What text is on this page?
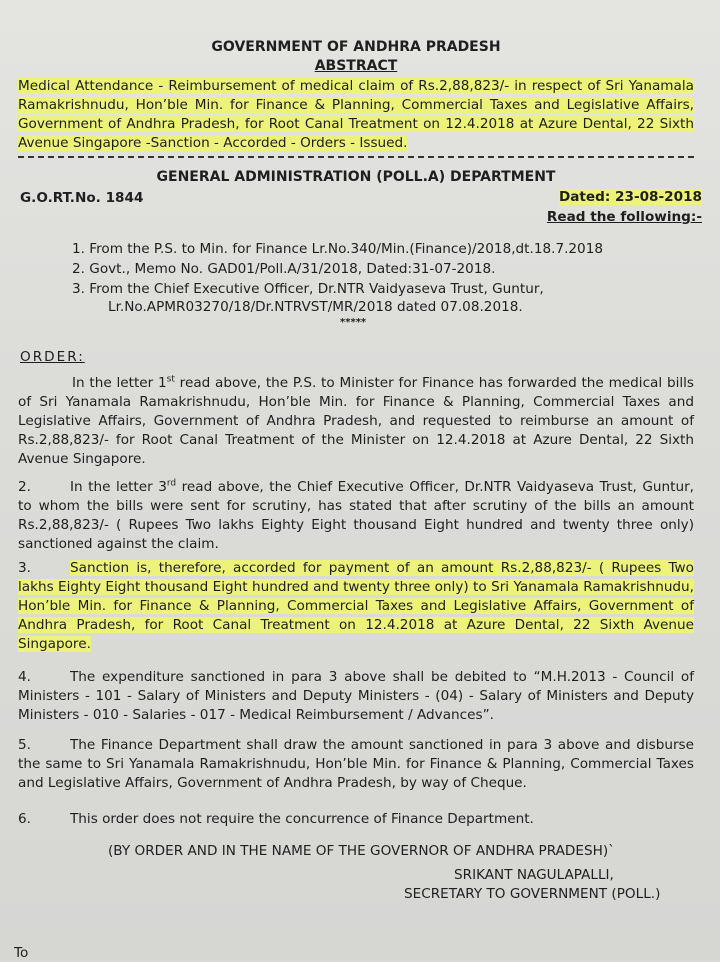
GOVERNMENT OF ANDHRA PRADESH
ABSTRACT
Medical Attendance - Reimbursement of medical claim of Rs.2,88,823/- in respect of Sri Yanamala Ramakrishnudu, Hon’ble Min. for Finance & Planning, Commercial Taxes and Legislative Affairs, Government of Andhra Pradesh, for Root Canal Treatment on 12.4.2018 at Azure Dental, 22 Sixth Avenue Singapore -Sanction - Accorded - Orders - Issued.
GENERAL ADMINISTRATION (POLL.A) DEPARTMENT
G.O.RT.No. 1844	Dated: 23-08-2018
Read the following:-
1. From the P.S. to Min. for Finance Lr.No.340/Min.(Finance)/2018,dt.18.7.2018
2. Govt., Memo No. GAD01/Poll.A/31/2018, Dated:31-07-2018.
3. From the Chief Executive Officer, Dr.NTR Vaidyaseva Trust, Guntur,
Lr.No.APMR03270/18/Dr.NTRVST/MR/2018 dated 07.08.2018.
*****
ORDER:
In the letter 1st read above, the P.S. to Minister for Finance has forwarded the medical bills of Sri Yanamala Ramakrishnudu, Hon’ble Min. for Finance & Planning, Commercial Taxes and Legislative Affairs, Government of Andhra Pradesh, and requested to reimburse an amount of Rs.2,88,823/- for Root Canal Treatment of the Minister on 12.4.2018 at Azure Dental, 22 Sixth Avenue Singapore.
2.	In the letter 3rd read above, the Chief Executive Officer, Dr.NTR Vaidyaseva Trust, Guntur, to whom the bills were sent for scrutiny, has stated that after scrutiny of the bills an amount Rs.2,88,823/- ( Rupees Two lakhs Eighty Eight thousand Eight hundred and twenty three only) sanctioned against the claim.
3.	Sanction is, therefore, accorded for payment of an amount Rs.2,88,823/- ( Rupees Two lakhs Eighty Eight thousand Eight hundred and twenty three only) to Sri Yanamala Ramakrishnudu, Hon’ble Min. for Finance & Planning, Commercial Taxes and Legislative Affairs, Government of Andhra Pradesh, for Root Canal Treatment on 12.4.2018 at Azure Dental, 22 Sixth Avenue Singapore.
4.	The expenditure sanctioned in para 3 above shall be debited to “M.H.2013 - Council of Ministers - 101 - Salary of Ministers and Deputy Ministers - (04) - Salary of Ministers and Deputy Ministers - 010 - Salaries - 017 - Medical Reimbursement / Advances”.
5.	The Finance Department shall draw the amount sanctioned in para 3 above and disburse the same to Sri Yanamala Ramakrishnudu, Hon’ble Min. for Finance & Planning, Commercial Taxes and Legislative Affairs, Government of Andhra Pradesh, by way of Cheque.
6.	This order does not require the concurrence of Finance Department.
(BY ORDER AND IN THE NAME OF THE GOVERNOR OF ANDHRA PRADESH)`
SRIKANT NAGULAPALLI,
SECRETARY TO GOVERNMENT (POLL.)
To
